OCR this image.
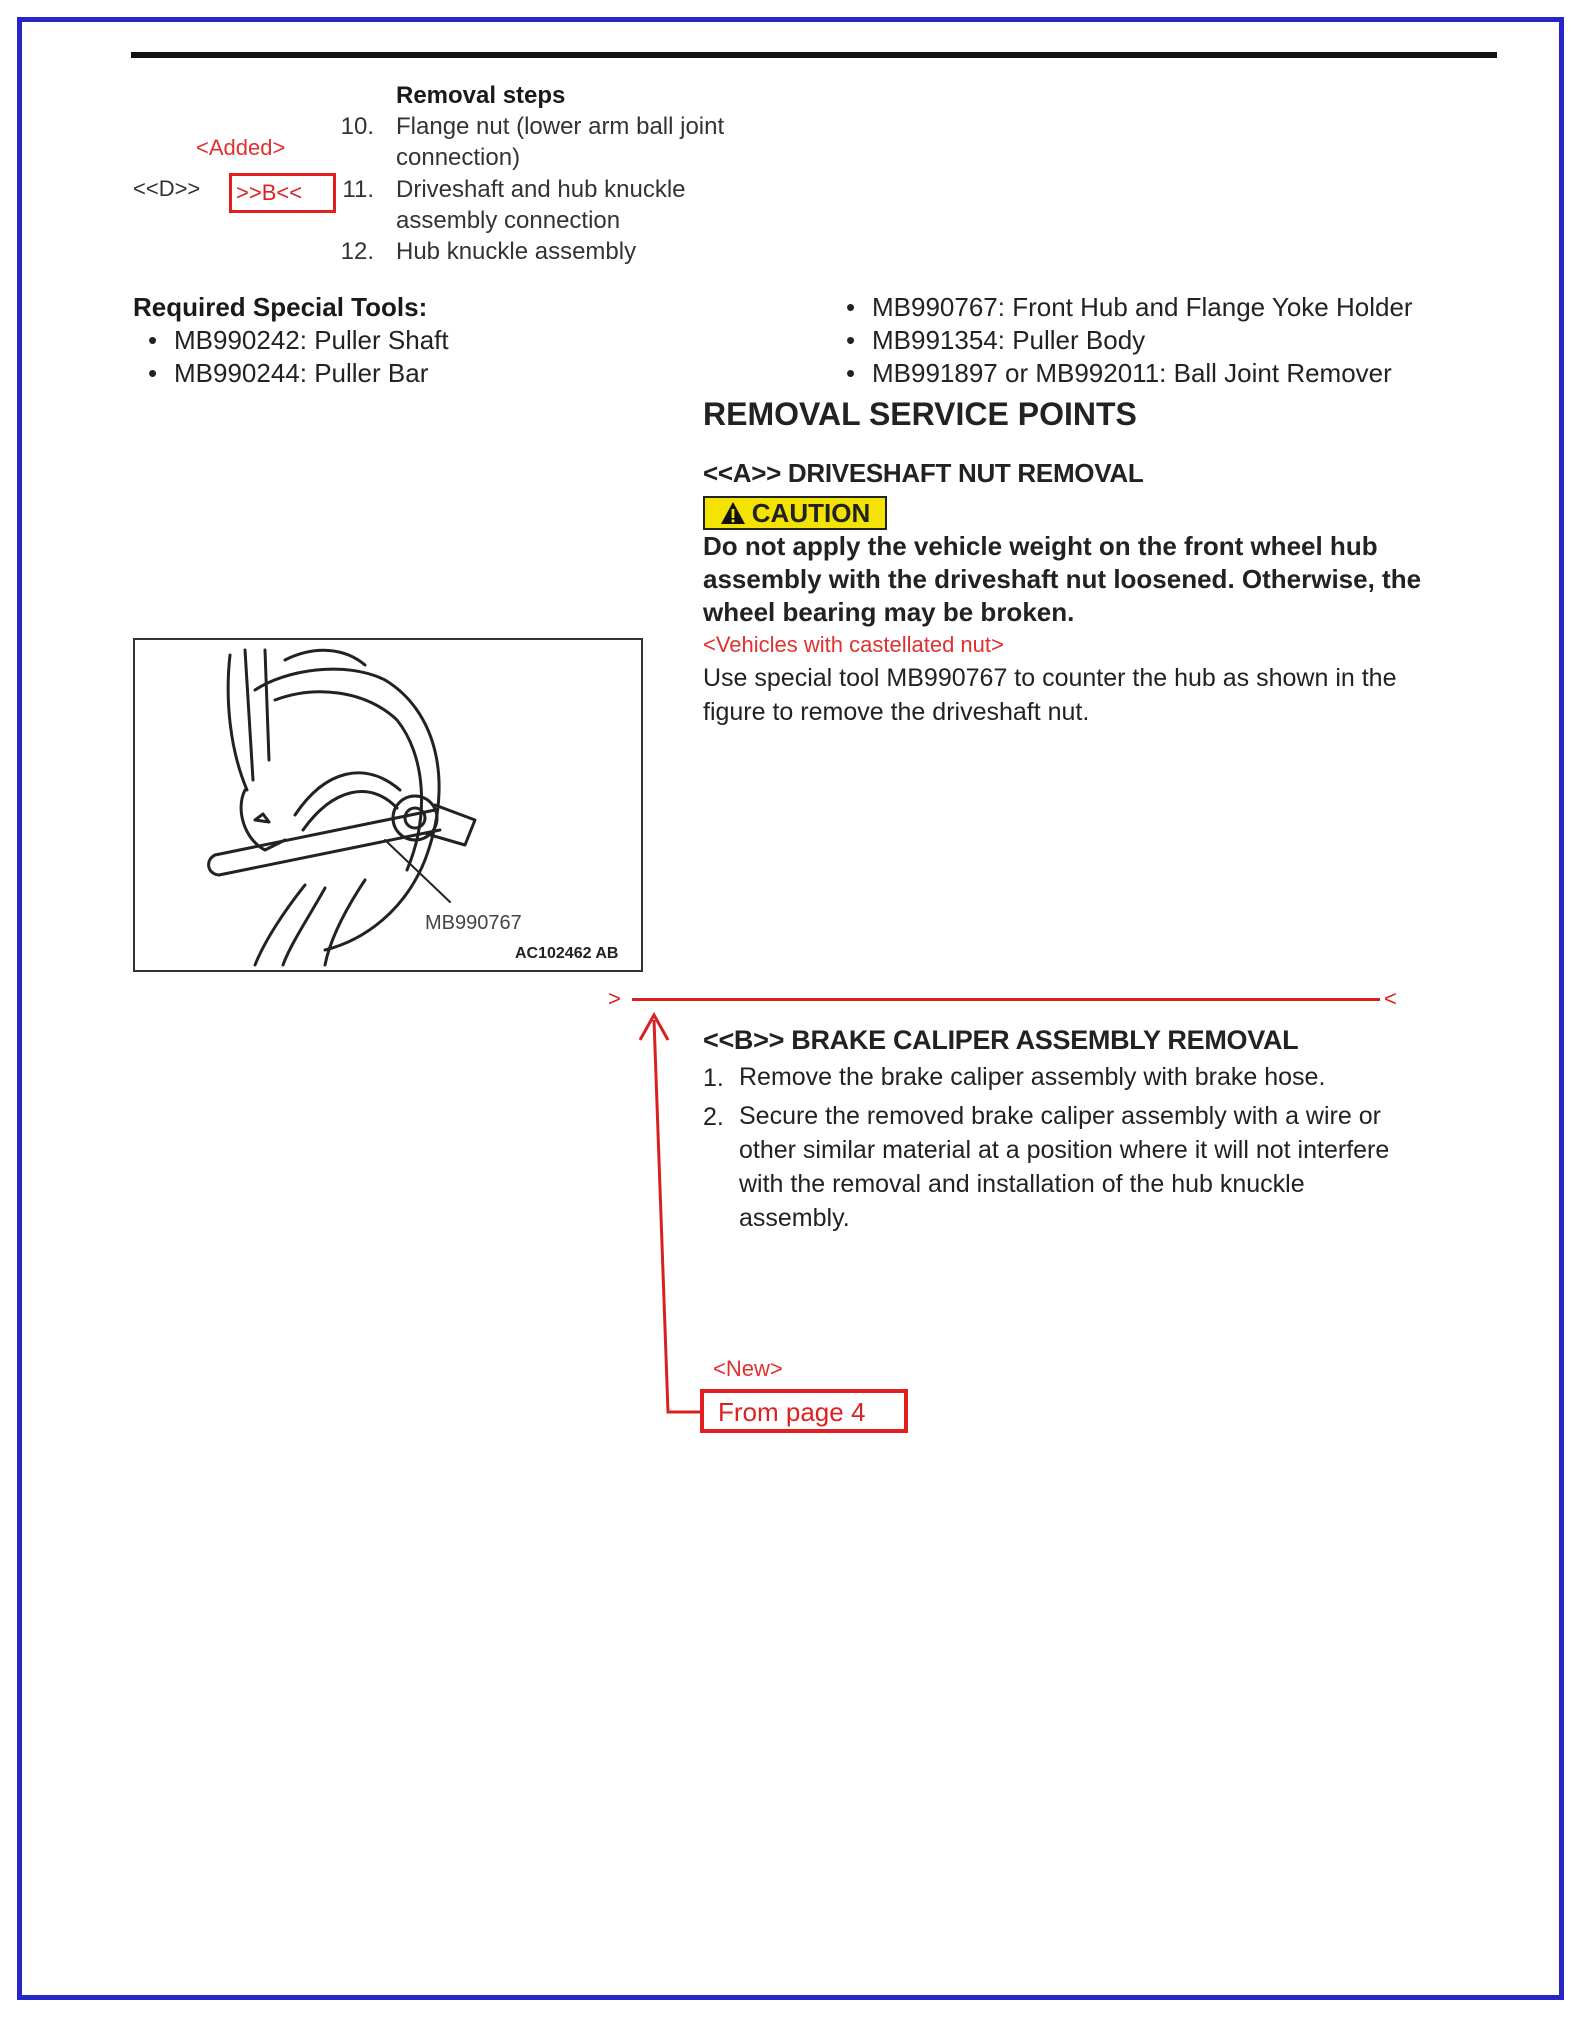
Removal steps
10. Flange nut (lower arm ball joint
connection)
11. Driveshaft and hub knuckle
assembly connection
12. Hub knuckle assembly
<Added>
<<D>>	>>B<<
Required Special Tools:
• MB990242: Puller Shaft
• MB990244: Puller Bar
• MB990767: Front Hub and Flange Yoke Holder
• MB991354: Puller Body
• MB991897 or MB992011: Ball Joint Remover
REMOVAL SERVICE POINTS
<<A>> DRIVESHAFT NUT REMOVAL
CAUTION
Do not apply the vehicle weight on the front wheel hub
assembly with the driveshaft nut loosened. Otherwise, the
wheel bearing may be broken.
<Vehicles with castellated nut>
Use special tool MB990767 to counter the hub as shown in the
figure to remove the driveshaft nut.
MB990767
AC102462 AB
>	<
<<B>> BRAKE CALIPER ASSEMBLY REMOVAL
1. Remove the brake caliper assembly with brake hose.
2. Secure the removed brake caliper assembly with a wire or
other similar material at a position where it will not interfere
with the removal and installation of the hub knuckle
assembly.
<New>
From page 4
